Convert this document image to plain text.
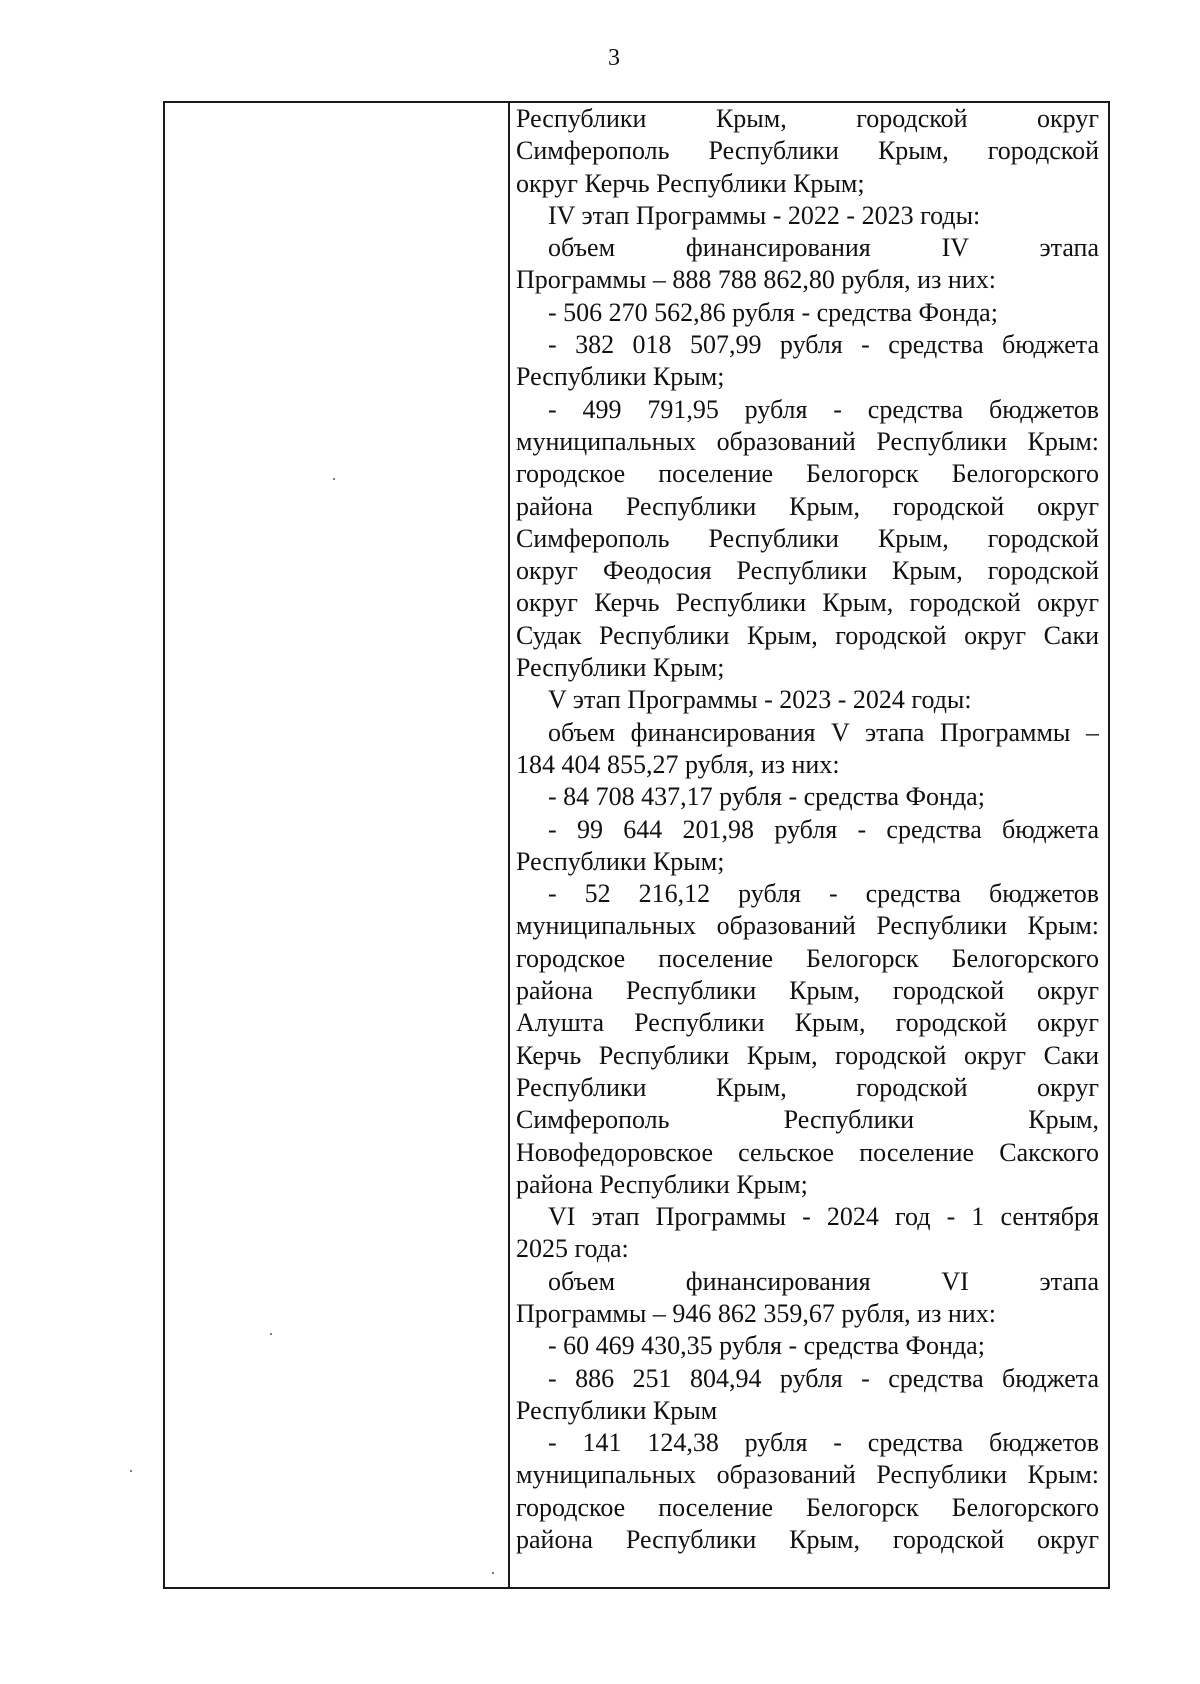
3
Республики Крым, городской округ
Симферополь Республики Крым, городской
округ Керчь Республики Крым;
IV этап Программы - 2022 - 2023 годы:
объем финансирования IV этапа
Программы – 888 788 862,80 рубля, из них:
- 506 270 562,86 рубля - средства Фонда;
- 382 018 507,99 рубля - средства бюджета
Республики Крым;
- 499 791,95 рубля - средства бюджетов
муниципальных образований Республики Крым:
городское поселение Белогорск Белогорского
района Республики Крым, городской округ
Симферополь Республики Крым, городской
округ Феодосия Республики Крым, городской
округ Керчь Республики Крым, городской округ
Судак Республики Крым, городской округ Саки
Республики Крым;
V этап Программы - 2023 - 2024 годы:
объем финансирования V этапа Программы –
184 404 855,27 рубля, из них:
- 84 708 437,17 рубля - средства Фонда;
- 99 644 201,98 рубля - средства бюджета
Республики Крым;
- 52 216,12 рубля - средства бюджетов
муниципальных образований Республики Крым:
городское поселение Белогорск Белогорского
района Республики Крым, городской округ
Алушта Республики Крым, городской округ
Керчь Республики Крым, городской округ Саки
Республики Крым, городской округ
Симферополь Республики Крым,
Новофедоровское сельское поселение Сакского
района Республики Крым;
VI этап Программы - 2024 год - 1 сентября
2025 года:
объем финансирования VI этапа
Программы – 946 862 359,67 рубля, из них:
- 60 469 430,35 рубля - средства Фонда;
- 886 251 804,94 рубля - средства бюджета
Республики Крым
- 141 124,38 рубля - средства бюджетов
муниципальных образований Республики Крым:
городское поселение Белогорск Белогорского
района Республики Крым, городской округ
